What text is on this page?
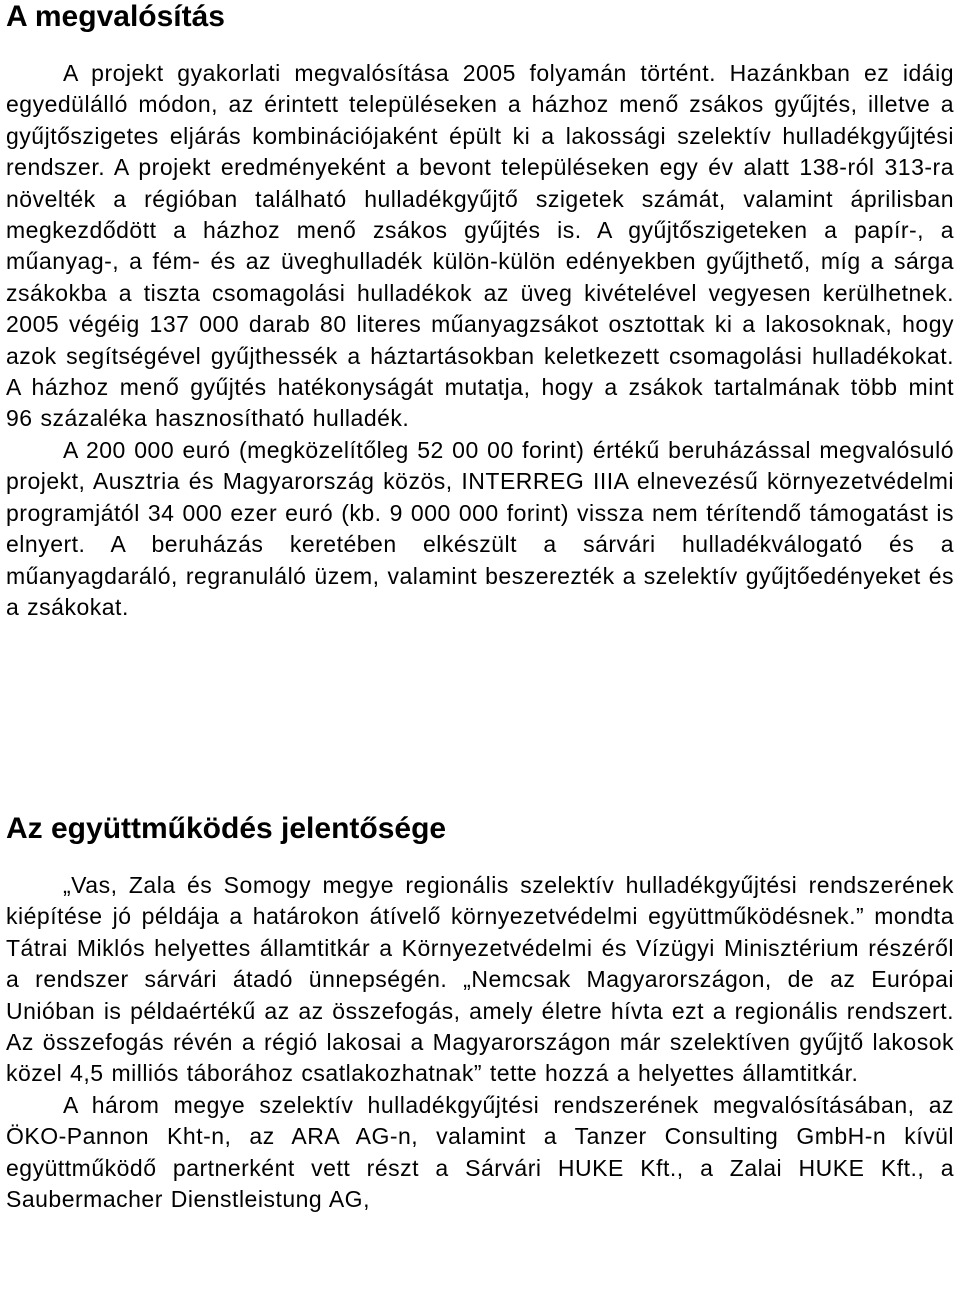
A megvalósítás

A projekt gyakorlati megvalósítása 2005 folyamán történt. Hazánkban ez idáig egyedülálló módon, az érintett településeken a házhoz menő zsákos gyűjtés, illetve a gyűjtőszigetes eljárás kombinációjaként épült ki a lakossági szelektív hulladékgyűjtési rendszer. A projekt eredményeként a bevont településeken egy év alatt 138-ról 313-ra növelték a régióban található hulladékgyűjtő szigetek számát, valamint áprilisban megkezdődött a házhoz menő zsákos gyűjtés is. A gyűjtőszigeteken a papír-, a műanyag-, a fém- és az üveghulladék külön-külön edényekben gyűjthető, míg a sárga zsákokba a tiszta csomagolási hulladékok az üveg kivételével vegyesen kerülhetnek. 2005 végéig 137 000 darab 80 literes műanyagzsákot osztottak ki a lakosoknak, hogy azok segítségével gyűjthessék a háztartásokban keletkezett csomagolási hulladékokat. A házhoz menő gyűjtés hatékonyságát mutatja, hogy a zsákok tartalmának több mint 96 százaléka hasznosítható hulladék.

A 200 000 euró (megközelítőleg 52 00 00 forint) értékű beruházással megvalósuló projekt, Ausztria és Magyarország közös, INTERREG IIIA elnevezésű környezetvédelmi programjától 34 000 ezer euró (kb. 9 000 000 forint) vissza nem térítendő támogatást is elnyert. A beruházás keretében elkészült a sárvári hulladékválogató és a műanyagdaráló, regranuláló üzem, valamint beszerezték a szelektív gyűjtőedényeket és a zsákokat.

Az együttműködés jelentősége

„Vas, Zala és Somogy megye regionális szelektív hulladékgyűjtési rendszerének kiépítése jó példája a határokon átívelő környezetvédelmi együttműködésnek.” mondta Tátrai Miklós helyettes államtitkár a Környezetvédelmi és Vízügyi Minisztérium részéről a rendszer sárvári átadó ünnepségén. „Nemcsak Magyarországon, de az Európai Unióban is példaértékű az az összefogás, amely életre hívta ezt a regionális rendszert. Az összefogás révén a régió lakosai a Magyarországon már szelektíven gyűjtő lakosok közel 4,5 milliós táborához csatlakozhatnak” tette hozzá a helyettes államtitkár.

A három megye szelektív hulladékgyűjtési rendszerének megvalósításában, az ÖKO-Pannon Kht-n, az ARA AG-n, valamint a Tanzer Consulting GmbH-n kívül együttműködő partnerként vett részt a Sárvári HUKE Kft., a Zalai HUKE Kft., a Saubermacher Dienstleistung AG,
